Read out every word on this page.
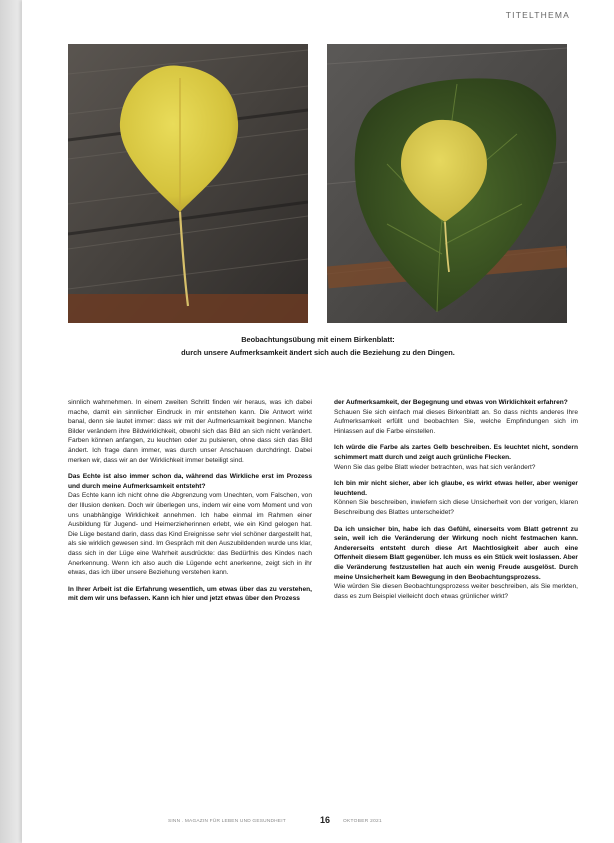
TITELTHEMA
Beobachtungsübung mit einem Birkenblatt:
durch unsere Aufmerksamkeit ändert sich auch die Beziehung zu den Dingen.

sinnlich wahrnehmen. In einem zweiten Schritt finden wir heraus, was ich dabei mache, damit ein sinnlicher Eindruck in mir entstehen kann. Die Antwort wirkt banal, denn sie lautet immer: dass wir mit der Aufmerksamkeit beginnen. Manche Bilder verändern ihre Bildwirklichkeit, obwohl sich das Bild an sich nicht verändert. Farben können anfangen, zu leuchten oder zu pulsieren, ohne dass sich das Bild ändert. Ich frage dann immer, was durch unser Anschauen durchdringt. Dabei merken wir, dass wir an der Wirklichkeit immer beteiligt sind.

Das Echte ist also immer schon da, während das Wirkliche erst im Prozess und durch meine Aufmerksamkeit entsteht?

Das Echte kann ich nicht ohne die Abgrenzung vom Unechten, vom Falschen, von der Illusion denken. Doch wir überlegen uns, indem wir eine vom Moment und von uns unabhängige Wirklichkeit annehmen. Ich habe einmal im Rahmen einer Ausbildung für Jugend- und Heimerzieherinnen erlebt, wie ein Kind gelogen hat. Die Lüge bestand darin, dass das Kind Ereignisse sehr viel schöner dargestellt hat, als sie wirklich gewesen sind. Im Gespräch mit den Auszubildenden wurde uns klar, dass sich in der Lüge eine Wahrheit ausdrückte: das Bedürfnis des Kindes nach Anerkennung. Wenn ich also auch die Lügende echt anerkenne, zeigt sich in ihr etwas, das ich über unsere Beziehung verstehen kann.

In Ihrer Arbeit ist die Erfahrung wesentlich, um etwas über das zu verstehen, mit dem wir uns befassen. Kann ich hier und jetzt etwas über den Prozess

der Aufmerksamkeit, der Begegnung und etwas von Wirklichkeit erfahren?

Schauen Sie sich einfach mal dieses Birkenblatt an. So dass nichts anderes Ihre Aufmerksamkeit erfüllt und beobachten Sie, welche Empfindungen sich im Hinlassen auf die Farbe einstellen.

Ich würde die Farbe als zartes Gelb beschreiben. Es leuchtet nicht, sondern schimmert matt durch und zeigt auch grünliche Flecken.

Wenn Sie das gelbe Blatt wieder betrachten, was hat sich verändert?

Ich bin mir nicht sicher, aber ich glaube, es wirkt etwas heller, aber weniger leuchtend.

Können Sie beschreiben, inwiefern sich diese Unsicherheit von der vorigen, klaren Beschreibung des Blattes unterscheidet?

Da ich unsicher bin, habe ich das Gefühl, einerseits vom Blatt getrennt zu sein, weil ich die Veränderung der Wirkung noch nicht festmachen kann. Andererseits entsteht durch diese Art Machtlosigkeit aber auch eine Offenheit diesem Blatt gegenüber. Ich muss es ein Stück weit loslassen. Aber die Veränderung festzustellen hat auch ein wenig Freude ausgelöst. Durch meine Unsicherheit kam Bewegung in den Beobachtungsprozess.

Wie würden Sie diesen Beobachtungsprozess weiter beschreiben, als Sie merkten, dass es zum Beispiel vielleicht doch etwas grünlicher wirkt?

SINN . MAGAZIN FÜR LEBEN UND GESUNDHEIT	16	OKTOBER 2021
